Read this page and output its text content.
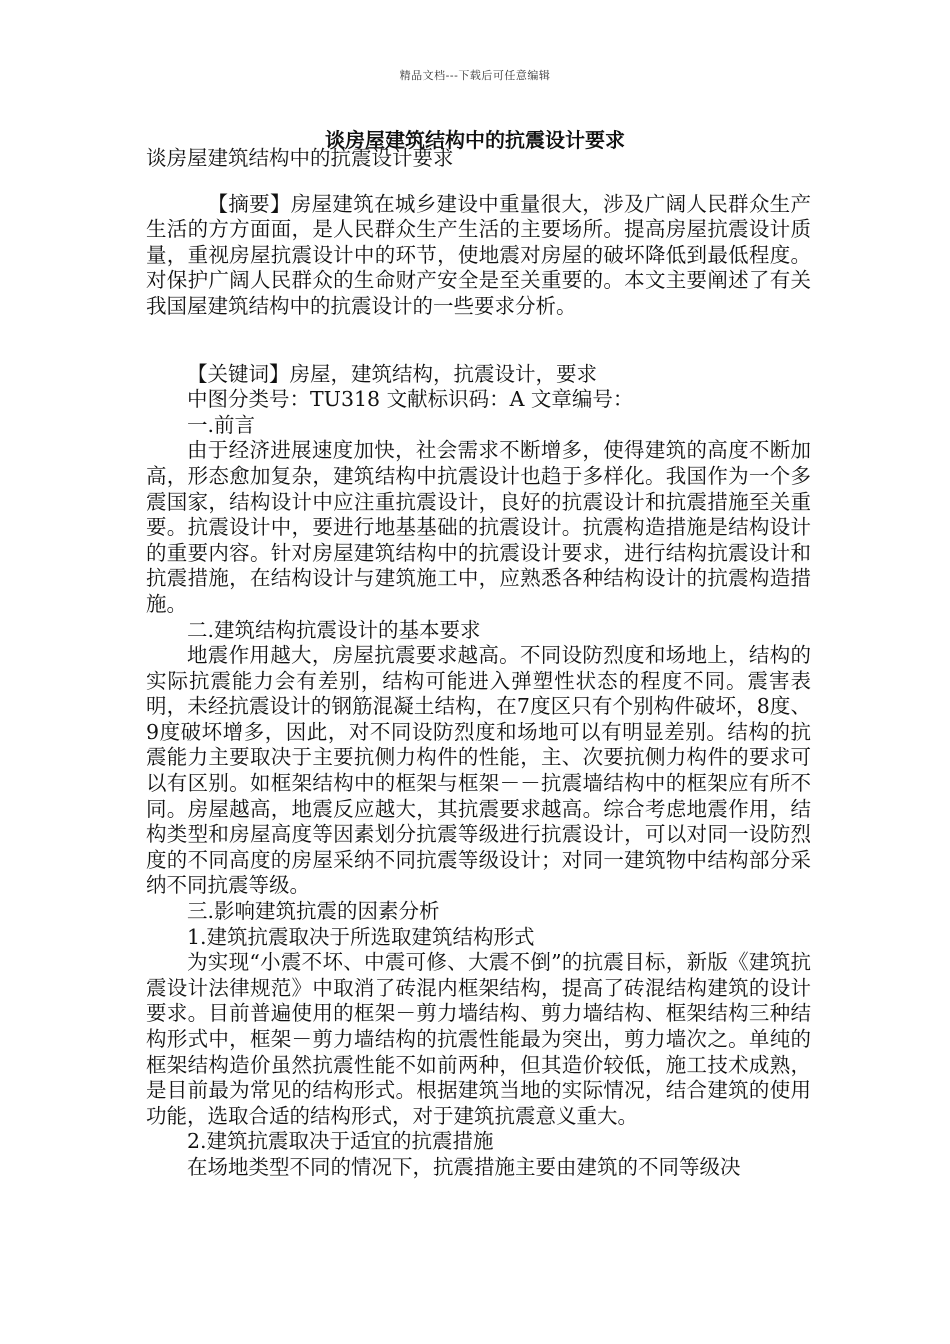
精品文档---下载后可任意编辑
谈房屋建筑结构中的抗震设计要求
谈房屋建筑结构中的抗震设计要求

【摘要】房屋建筑在城乡建设中重量很大，涉及广阔人民群众生产生活的方方面面，是人民群众生产生活的主要场所。提高房屋抗震设计质量，重视房屋抗震设计中的环节，使地震对房屋的破坏降低到最低程度。对保护广阔人民群众的生命财产安全是至关重要的。本文主要阐述了有关我国屋建筑结构中的抗震设计的一些要求分析。

【关键词】房屋，建筑结构，抗震设计，要求

中图分类号：TU318 文献标识码：A 文章编号：

一.前言

由于经济进展速度加快，社会需求不断增多，使得建筑的高度不断加高，形态愈加复杂，建筑结构中抗震设计也趋于多样化。我国作为一个多震国家，结构设计中应注重抗震设计，良好的抗震设计和抗震措施至关重要。抗震设计中，要进行地基基础的抗震设计。抗震构造措施是结构设计的重要内容。针对房屋建筑结构中的抗震设计要求，进行结构抗震设计和抗震措施，在结构设计与建筑施工中，应熟悉各种结构设计的抗震构造措施。

二.建筑结构抗震设计的基本要求

地震作用越大，房屋抗震要求越高。不同设防烈度和场地上，结构的实际抗震能力会有差别，结构可能进入弹塑性状态的程度不同。震害表明，未经抗震设计的钢筋混凝土结构，在7度区只有个别构件破坏，8度、9度破坏增多，因此，对不同设防烈度和场地可以有明显差别。结构的抗震能力主要取决于主要抗侧力构件的性能，主、次要抗侧力构件的要求可以有区别。如框架结构中的框架与框架－－抗震墙结构中的框架应有所不同。房屋越高，地震反应越大，其抗震要求越高。综合考虑地震作用，结构类型和房屋高度等因素划分抗震等级进行抗震设计，可以对同一设防烈度的不同高度的房屋采纳不同抗震等级设计；对同一建筑物中结构部分采纳不同抗震等级。

三.影响建筑抗震的因素分析

1.建筑抗震取决于所选取建筑结构形式

为实现“小震不坏、中震可修、大震不倒”的抗震目标，新版《建筑抗震设计法律规范》中取消了砖混内框架结构，提高了砖混结构建筑的设计要求。目前普遍使用的框架－剪力墙结构、剪力墙结构、框架结构三种结构形式中，框架－剪力墙结构的抗震性能最为突出，剪力墙次之。单纯的框架结构造价虽然抗震性能不如前两种，但其造价较低，施工技术成熟，是目前最为常见的结构形式。根据建筑当地的实际情况，结合建筑的使用功能，选取合适的结构形式，对于建筑抗震意义重大。

2.建筑抗震取决于适宜的抗震措施

在场地类型不同的情况下，抗震措施主要由建筑的不同等级决
